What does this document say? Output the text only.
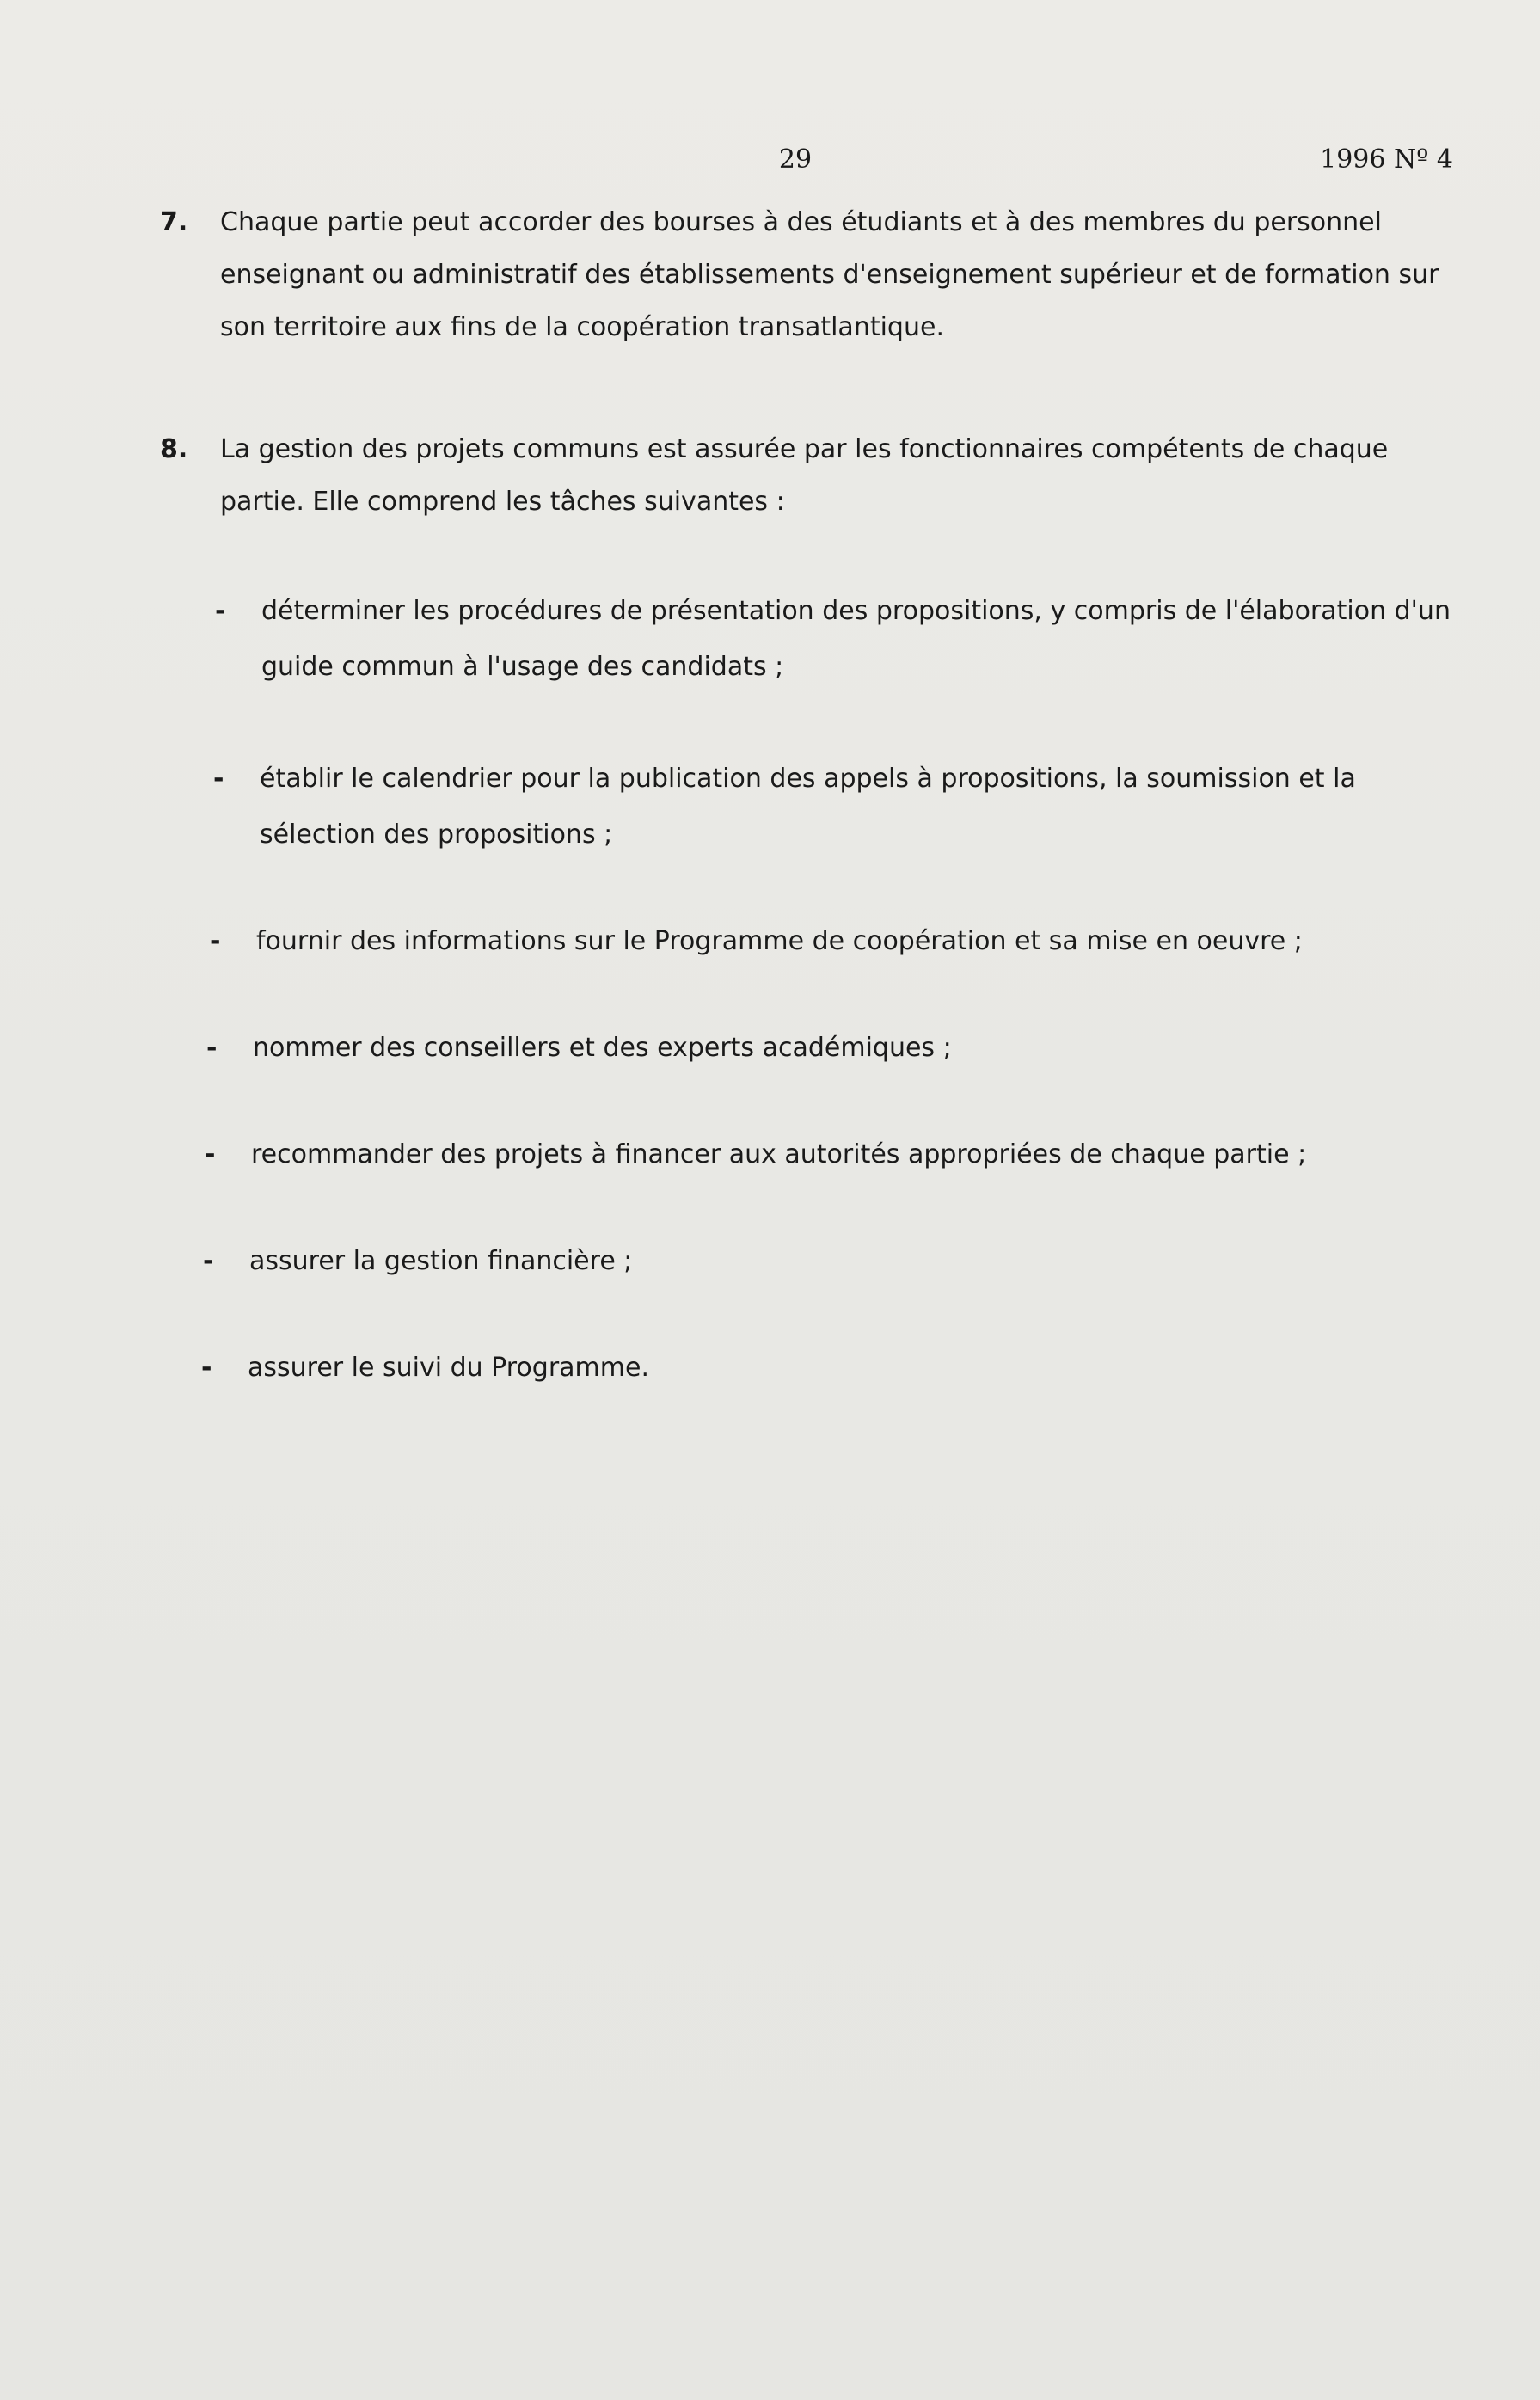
29	1996 Nº 4
7. Chaque partie peut accorder des bourses à des étudiants et à des membres du personnel enseignant ou administratif des établissements d'enseignement supérieur et de formation sur son territoire aux fins de la coopération transatlantique.
8. La gestion des projets communs est assurée par les fonctionnaires compétents de chaque partie. Elle comprend les tâches suivantes :
- déterminer les procédures de présentation des propositions, y compris de l'élaboration d'un guide commun à l'usage des candidats ;
- établir le calendrier pour la publication des appels à propositions, la soumission et la sélection des propositions ;
- fournir des informations sur le Programme de coopération et sa mise en oeuvre ;
- nommer des conseillers et des experts académiques ;
- recommander des projets à financer aux autorités appropriées de chaque partie ;
- assurer la gestion financière ;
- assurer le suivi du Programme.
